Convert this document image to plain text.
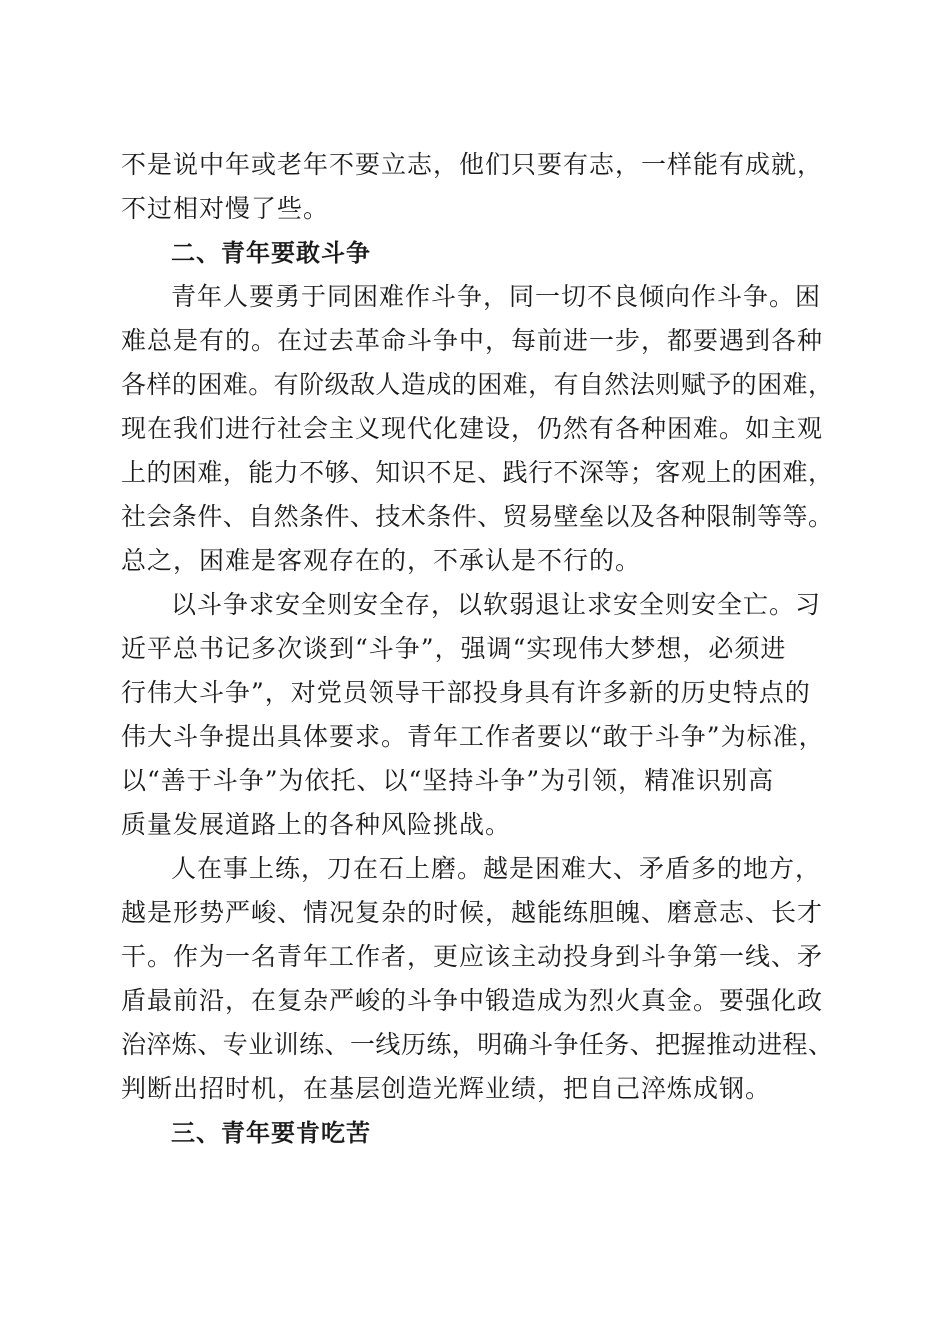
不是说中年或老年不要立志，他们只要有志，一样能有成就，
不过相对慢了些。
二、青年要敢斗争
青年人要勇于同困难作斗争，同一切不良倾向作斗争。困
难总是有的。在过去革命斗争中，每前进一步，都要遇到各种
各样的困难。有阶级敌人造成的困难，有自然法则赋予的困难，
现在我们进行社会主义现代化建设，仍然有各种困难。如主观
上的困难，能力不够、知识不足、践行不深等；客观上的困难，
社会条件、自然条件、技术条件、贸易壁垒以及各种限制等等。
总之，困难是客观存在的，不承认是不行的。
以斗争求安全则安全存，以软弱退让求安全则安全亡。习
近平总书记多次谈到“斗争”，强调“实现伟大梦想，必须进
行伟大斗争”，对党员领导干部投身具有许多新的历史特点的
伟大斗争提出具体要求。青年工作者要以“敢于斗争”为标准，
以“善于斗争”为依托、以“坚持斗争”为引领，精准识别高
质量发展道路上的各种风险挑战。
人在事上练，刀在石上磨。越是困难大、矛盾多的地方，
越是形势严峻、情况复杂的时候，越能练胆魄、磨意志、长才
干。作为一名青年工作者，更应该主动投身到斗争第一线、矛
盾最前沿，在复杂严峻的斗争中锻造成为烈火真金。要强化政
治淬炼、专业训练、一线历练，明确斗争任务、把握推动进程、
判断出招时机，在基层创造光辉业绩，把自己淬炼成钢。
三、青年要肯吃苦
